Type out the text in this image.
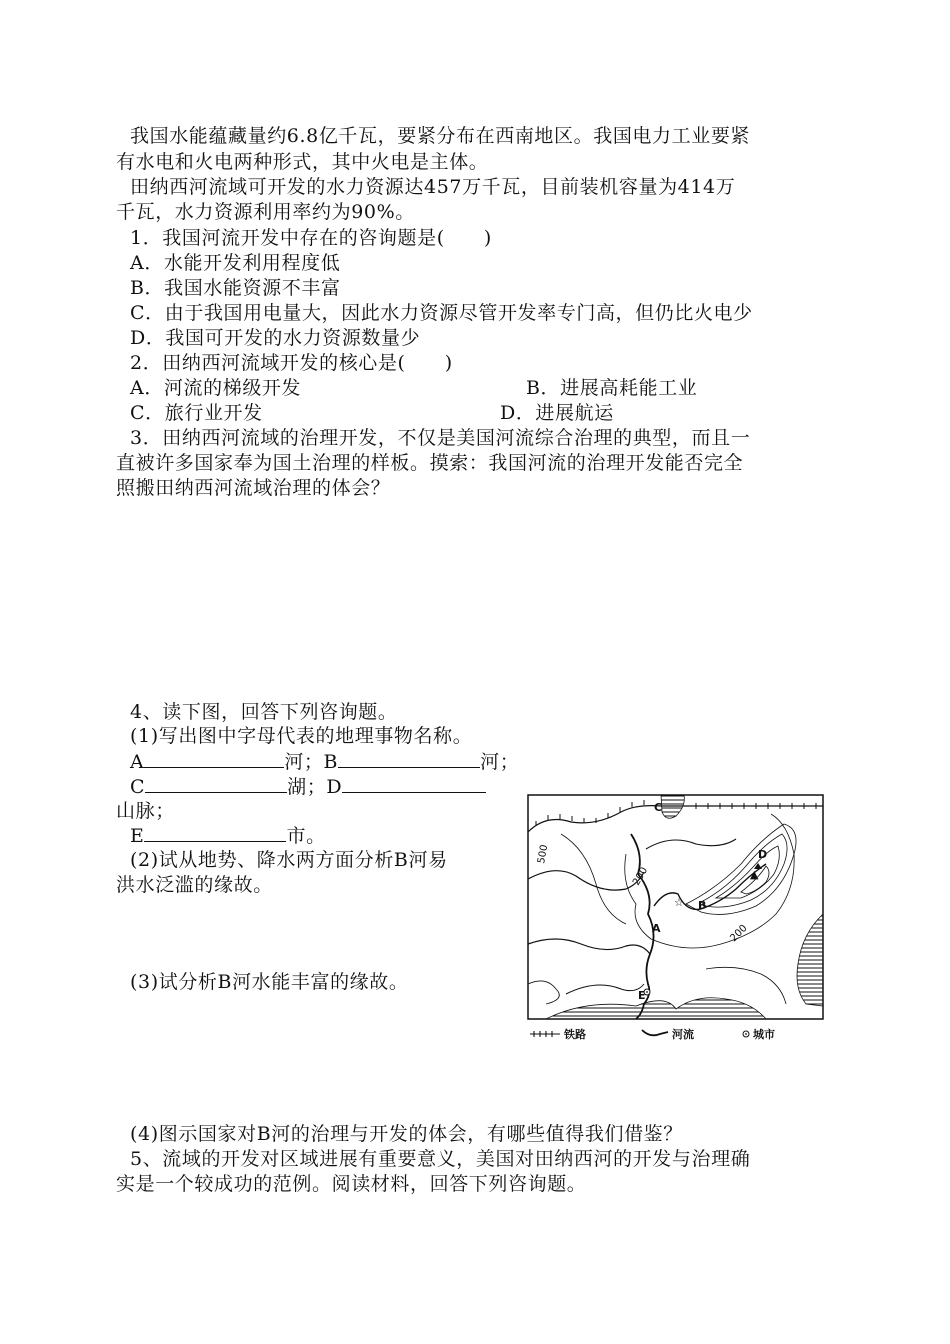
我国水能蕴藏量约6.8亿千瓦，要紧分布在西南地区。我国电力工业要紧
有水电和火电两种形式，其中火电是主体。
田纳西河流域可开发的水力资源达457万千瓦，目前装机容量为414万
千瓦，水力资源利用率约为90%。
1．我国河流开发中存在的咨询题是(　　)
A．水能开发利用程度低
B．我国水能资源不丰富
C．由于我国用电量大，因此水力资源尽管开发率专门高，但仍比火电少
D．我国可开发的水力资源数量少
2．田纳西河流域开发的核心是(　　)
A．河流的梯级开发	B．进展高耗能工业
C．旅行业开发	D．进展航运
3．田纳西河流域的治理开发，不仅是美国河流综合治理的典型，而且一
直被许多国家奉为国土治理的样板。摸索：我国河流的治理开发能否完全
照搬田纳西河流域治理的体会？
4、读下图，回答下列咨询题。
(1)写出图中字母代表的地理事物名称。
A	河；B	河；
C	湖；D
山脉；
E	市。
(2)试从地势、降水两方面分析B河易
洪水泛滥的缘故。
(3)试分析B河水能丰富的缘故。
(4)图示国家对B河的治理与开发的体会，有哪些值得我们借鉴？
5、流域的开发对区域进展有重要意义，美国对田纳西河的开发与治理确
实是一个较成功的范例。阅读材料，回答下列咨询题。
☆
A
B
C
D
▲
E
500
200
200
铁路	河流	城市
